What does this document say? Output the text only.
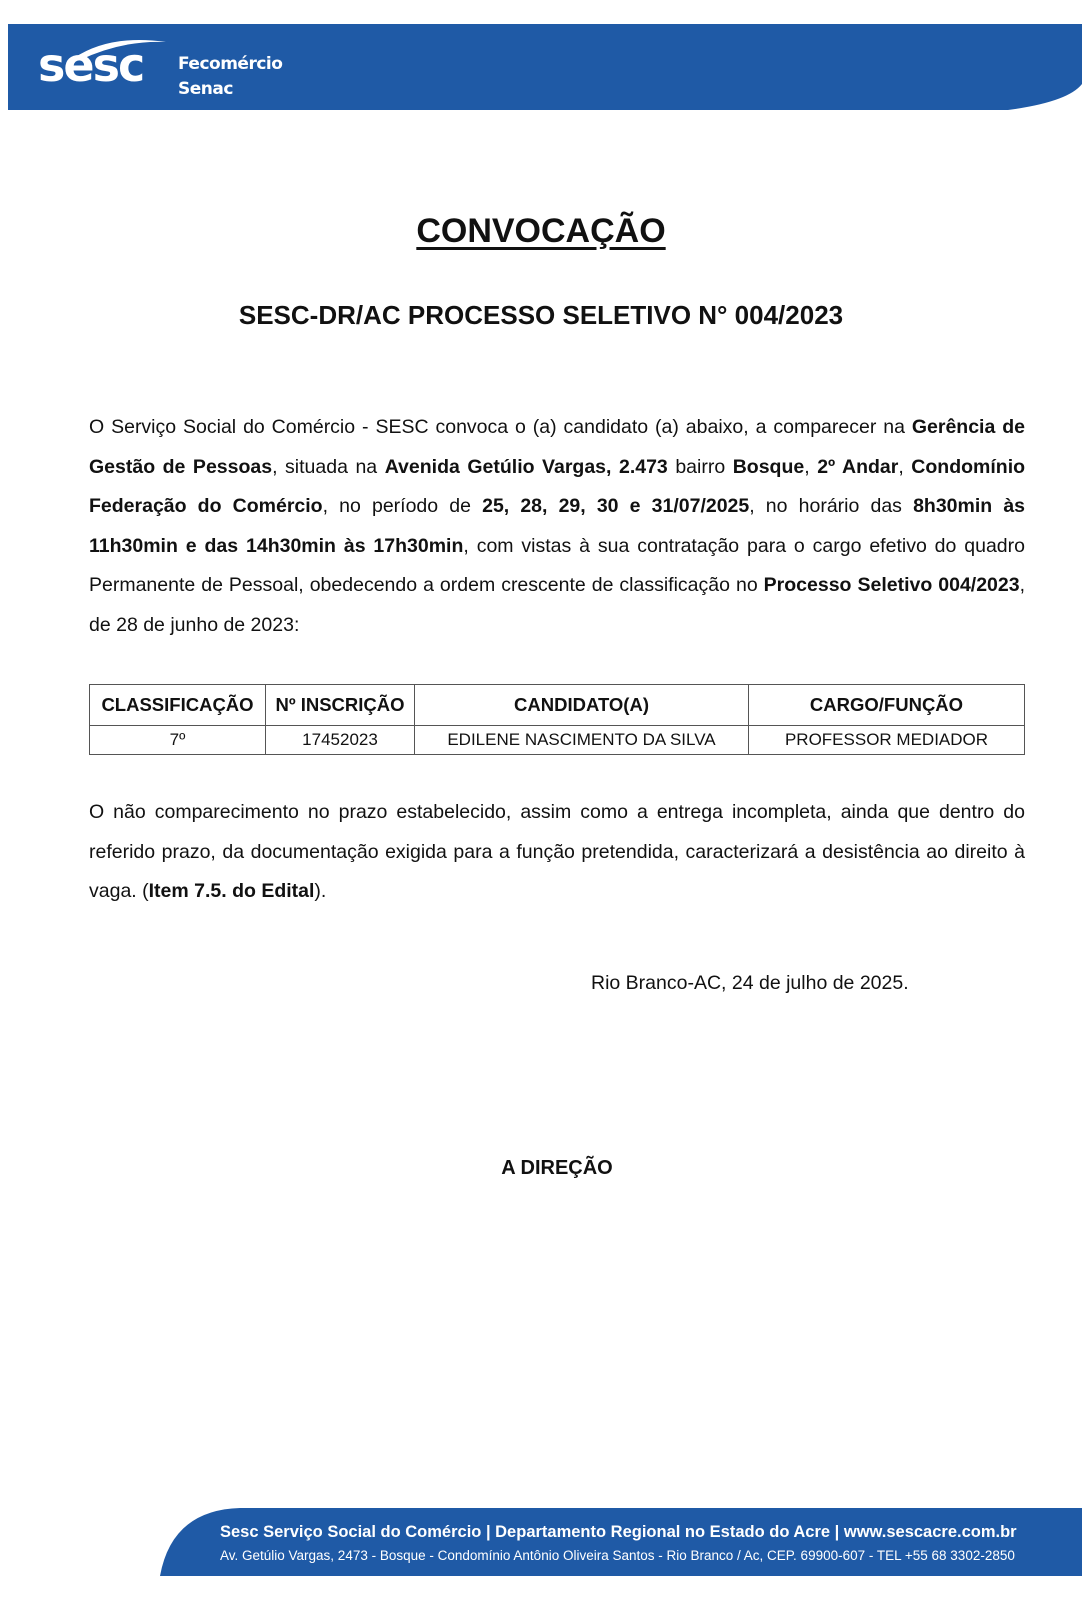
sesc Fecomércio
Senac
CONVOCAÇÃO
SESC-DR/AC PROCESSO SELETIVO N° 004/2023
O Serviço Social do Comércio - SESC convoca o (a) candidato (a) abaixo, a comparecer na Gerência de Gestão de Pessoas, situada na Avenida Getúlio Vargas, 2.473 bairro Bosque, 2º Andar, Condomínio Federação do Comércio, no período de 25, 28, 29, 30 e 31/07/2025, no horário das 8h30min às 11h30min e das 14h30min às 17h30min, com vistas à sua contratação para o cargo efetivo do quadro Permanente de Pessoal, obedecendo a ordem crescente de classificação no Processo Seletivo 004/2023, de 28 de junho de 2023:
CLASSIFICAÇÃO	Nº INSCRIÇÃO	CANDIDATO(A)	CARGO/FUNÇÃO
7º	17452023	EDILENE NASCIMENTO DA SILVA	PROFESSOR MEDIADOR
O não comparecimento no prazo estabelecido, assim como a entrega incompleta, ainda que dentro do referido prazo, da documentação exigida para a função pretendida, caracterizará a desistência ao direito à vaga. (Item 7.5. do Edital).
Rio Branco-AC, 24 de julho de 2025.
A DIREÇÃO
Sesc Serviço Social do Comércio | Departamento Regional no Estado do Acre | www.sescacre.com.br
Av. Getúlio Vargas, 2473 - Bosque - Condomínio Antônio Oliveira Santos - Rio Branco / Ac, CEP. 69900-607 - TEL +55 68 3302-2850
